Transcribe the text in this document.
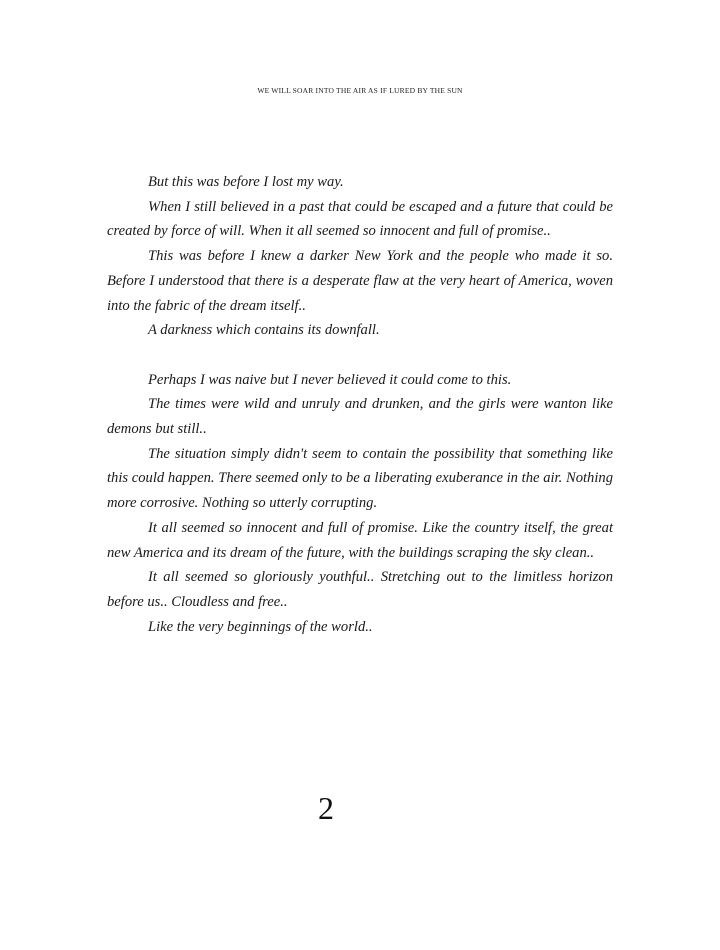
WE WILL SOAR INTO THE AIR AS IF LURED BY THE SUN

But this was before I lost my way.

When I still believed in a past that could be escaped and a future that could be created by force of will. When it all seemed so innocent and full of promise..

This was before I knew a darker New York and the people who made it so. Before I understood that there is a desperate flaw at the very heart of America, woven into the fabric of the dream itself..

A darkness which contains its downfall.

Perhaps I was naive but I never believed it could come to this.

The times were wild and unruly and drunken, and the girls were wanton like demons but still..

The situation simply didn't seem to contain the possibility that something like this could happen. There seemed only to be a liberating exuberance in the air. Nothing more corrosive. Nothing so utterly corrupting.

It all seemed so innocent and full of promise. Like the country itself, the great new America and its dream of the future, with the buildings scraping the sky clean..

It all seemed so gloriously youthful.. Stretching out to the limitless horizon before us.. Cloudless and free..

Like the very beginnings of the world..

2
